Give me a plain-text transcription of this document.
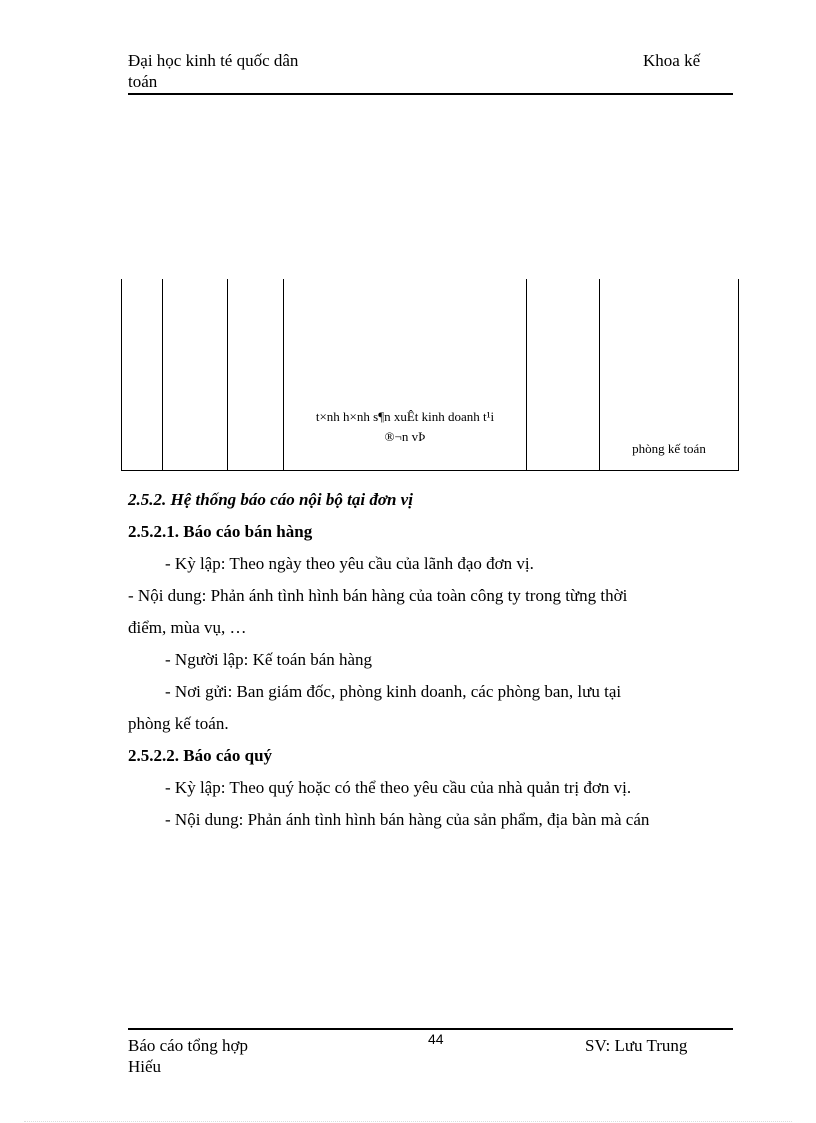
Đại học kinh té quốc dân
toán
Khoa kế
t×nh h×nh s¶n xuÊt kinh doanh t¹i
®¬n vÞ
phòng kế toán
2.5.2. Hệ thống báo cáo nội bộ tại đơn vị
2.5.2.1. Báo cáo bán hàng
- Kỳ lập: Theo ngày theo yêu cầu của lãnh đạo đơn vị.
- Nội dung: Phản ánh tình hình bán hàng của toàn công ty trong từng thời
điểm, mùa vụ, …
- Người lập: Kế toán bán hàng
- Nơi gửi: Ban giám đốc, phòng kinh doanh, các phòng ban, lưu tại
phòng kế toán.
2.5.2.2. Báo cáo quý
- Kỳ lập: Theo quý hoặc có thể theo yêu cầu của nhà quản trị đơn vị.
- Nội dung: Phản ánh tình hình bán hàng của sản phẩm, địa bàn mà cán
Báo cáo tổng hợp
Hiếu
44	SV: Lưu Trung
